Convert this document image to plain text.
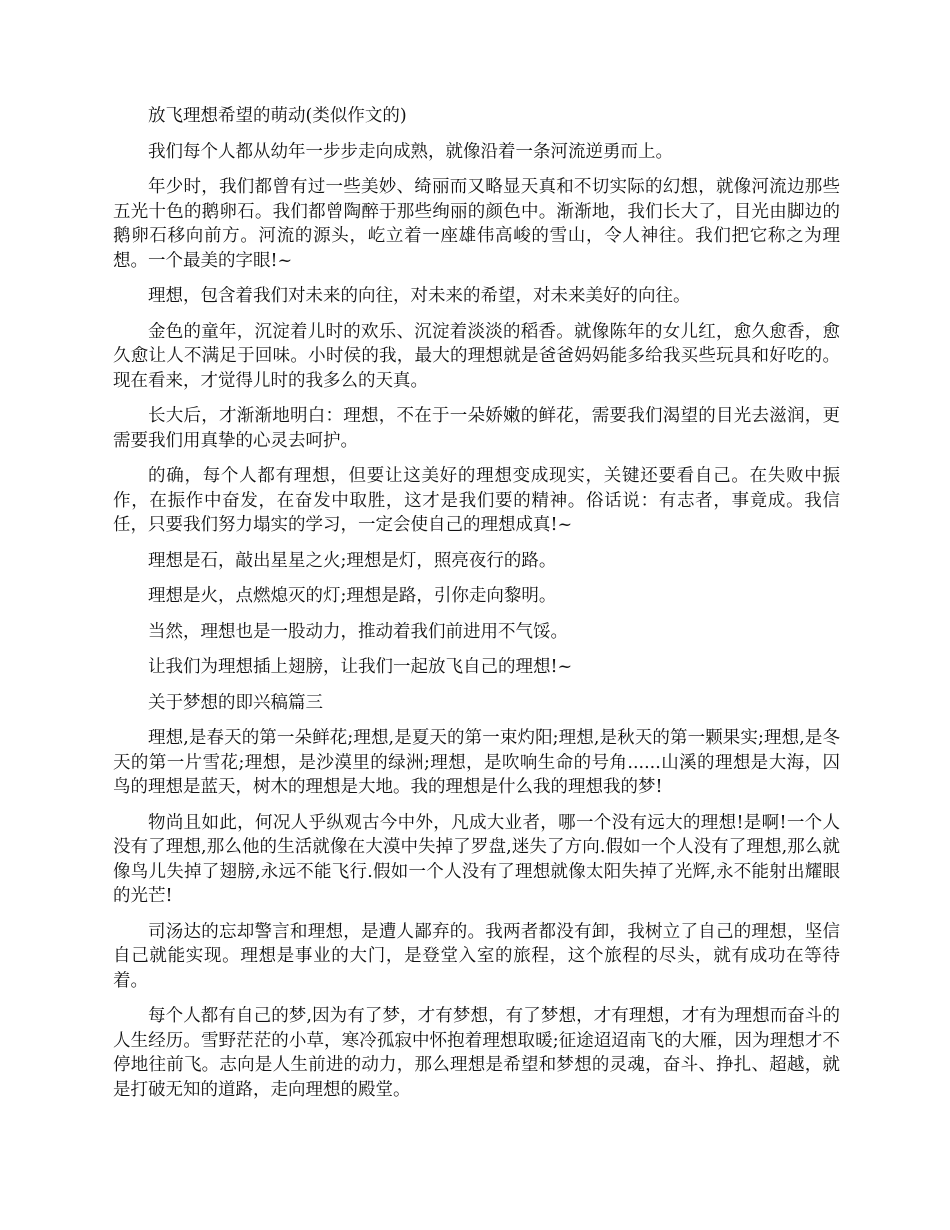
放飞理想希望的萌动(类似作文的)

我们每个人都从幼年一步步走向成熟，就像沿着一条河流逆勇而上。

年少时，我们都曾有过一些美妙、绮丽而又略显天真和不切实际的幻想，就像河流边那些五光十色的鹅卵石。我们都曾陶醉于那些绚丽的颜色中。渐渐地，我们长大了，目光由脚边的鹅卵石移向前方。河流的源头，屹立着一座雄伟高峻的雪山，令人神往。我们把它称之为理想。一个最美的字眼!~

理想，包含着我们对未来的向往，对未来的希望，对未来美好的向往。

金色的童年，沉淀着儿时的欢乐、沉淀着淡淡的稻香。就像陈年的女儿红，愈久愈香，愈久愈让人不满足于回味。小时侯的我，最大的理想就是爸爸妈妈能多给我买些玩具和好吃的。现在看来，才觉得儿时的我多么的天真。

长大后，才渐渐地明白：理想，不在于一朵娇嫩的鲜花，需要我们渴望的目光去滋润，更需要我们用真挚的心灵去呵护。

的确，每个人都有理想，但要让这美好的理想变成现实，关键还要看自己。在失败中振作，在振作中奋发，在奋发中取胜，这才是我们要的精神。俗话说：有志者，事竟成。我信任，只要我们努力塌实的学习，一定会使自己的理想成真!~

理想是石，敲出星星之火;理想是灯，照亮夜行的路。

理想是火，点燃熄灭的灯;理想是路，引你走向黎明。

当然，理想也是一股动力，推动着我们前进用不气馁。

让我们为理想插上翅膀，让我们一起放飞自己的理想!~

关于梦想的即兴稿篇三

理想,是春天的第一朵鲜花;理想,是夏天的第一束灼阳;理想,是秋天的第一颗果实;理想,是冬天的第一片雪花;理想，是沙漠里的绿洲;理想，是吹响生命的号角......山溪的理想是大海，囚鸟的理想是蓝天，树木的理想是大地。我的理想是什么我的理想我的梦!

物尚且如此，何况人乎纵观古今中外，凡成大业者，哪一个没有远大的理想!是啊!一个人没有了理想,那么他的生活就像在大漠中失掉了罗盘,迷失了方向.假如一个人没有了理想,那么就像鸟儿失掉了翅膀,永远不能飞行.假如一个人没有了理想就像太阳失掉了光辉,永不能射出耀眼的光芒!

司汤达的忘却警言和理想，是遭人鄙弃的。我两者都没有卸，我树立了自己的理想，坚信自己就能实现。理想是事业的大门，是登堂入室的旅程，这个旅程的尽头，就有成功在等待着。

每个人都有自己的梦,因为有了梦，才有梦想，有了梦想，才有理想，才有为理想而奋斗的人生经历。雪野茫茫的小草，寒冷孤寂中怀抱着理想取暖;征途迢迢南飞的大雁，因为理想才不停地往前飞。志向是人生前进的动力，那么理想是希望和梦想的灵魂，奋斗、挣扎、超越，就是打破无知的道路，走向理想的殿堂。
